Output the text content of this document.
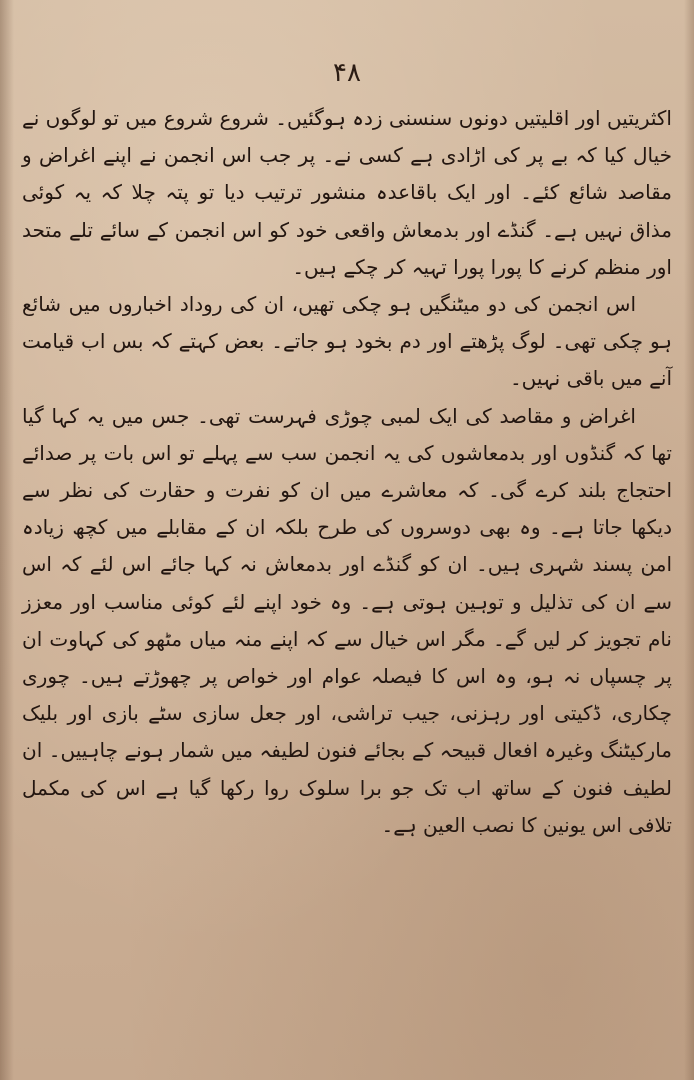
۴۸

اکثریتیں اور اقلیتیں دونوں سنسنی زدہ ہوگئیں۔ شروع شروع میں تو لوگوں نے خیال کیا کہ بے پر کی اڑادی ہے کسی نے۔ پر جب اس انجمن نے اپنے اغراض و مقاصد شائع کئے۔ اور ایک باقاعدہ منشور ترتیب دیا تو پتہ چلا کہ یہ کوئی مذاق نہیں ہے۔ گنڈے اور بدمعاش واقعی خود کو اس انجمن کے سائے تلے متحد اور منظم کرنے کا پورا پورا تہیہ کر چکے ہیں۔

اس انجمن کی دو میٹنگیں ہو چکی تھیں، ان کی روداد اخباروں میں شائع ہو چکی تھی۔ لوگ پڑھتے اور دم بخود ہو جاتے۔ بعض کہتے کہ بس اب قیامت آنے میں باقی نہیں۔

اغراض و مقاصد کی ایک لمبی چوڑی فہرست تھی۔ جس میں یہ کہا گیا تھا کہ گنڈوں اور بدمعاشوں کی یہ انجمن سب سے پہلے تو اس بات پر صدائے احتجاج بلند کرے گی۔ کہ معاشرے میں ان کو نفرت و حقارت کی نظر سے دیکھا جاتا ہے۔ وہ بھی دوسروں کی طرح بلکہ ان کے مقابلے میں کچھ زیادہ امن پسند شہری ہیں۔ ان کو گنڈے اور بدمعاش نہ کہا جائے اس لئے کہ اس سے ان کی تذلیل و توہین ہوتی ہے۔ وہ خود اپنے لئے کوئی مناسب اور معزز نام تجویز کر لیں گے۔ مگر اس خیال سے کہ اپنے منہ میاں مٹھو کی کہاوت ان پر چسپاں نہ ہو، وہ اس کا فیصلہ عوام اور خواص پر چھوڑتے ہیں۔ چوری چکاری، ڈکیتی اور رہزنی، جیب تراشی، اور جعل سازی سٹے بازی اور بلیک مارکیٹنگ وغیرہ افعال قبیحہ کے بجائے فنون لطیفہ میں شمار ہونے چاہییں۔ ان لطیف فنون کے ساتھ اب تک جو برا سلوک روا رکھا گیا ہے اس کی مکمل تلافی اس یونین کا نصب العین ہے۔
